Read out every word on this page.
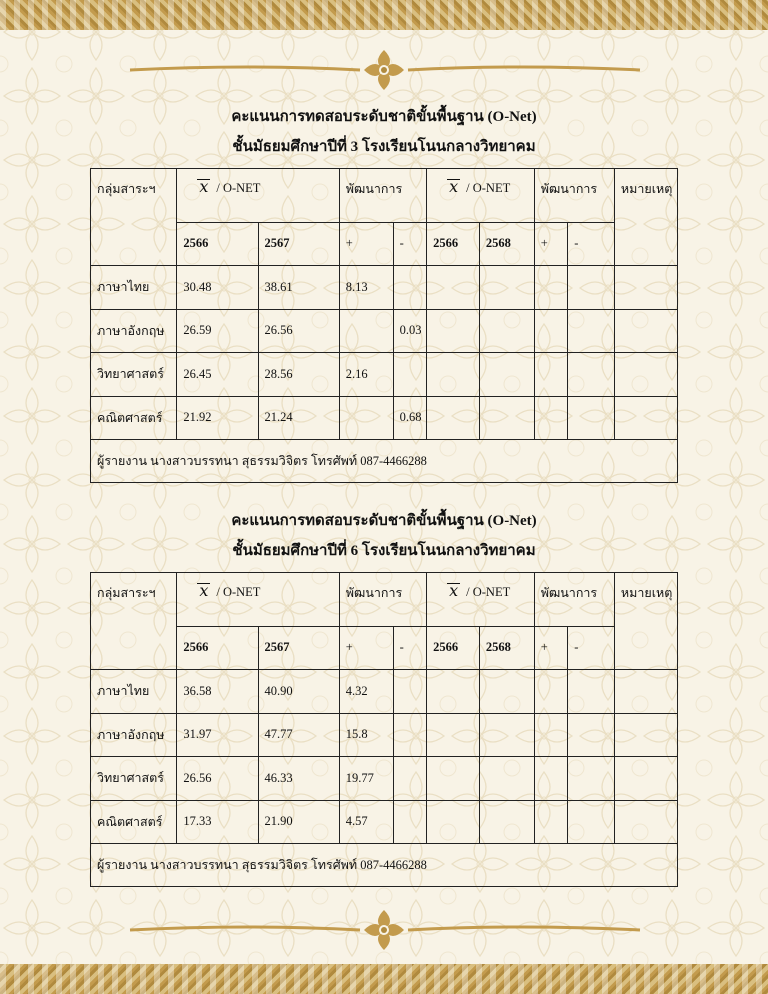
คะแนนการทดสอบระดับชาติขั้นพื้นฐาน (O-Net)
ชั้นมัธยมศึกษาปีที่ 3 โรงเรียนโนนกลางวิทยาคม
กลุ่มสาระฯ	x / O-NET		พัฒนาการ		x / O-NET		พัฒนาการ		หมายเหตุ
	2566	2567	+	-	2566	2568	+	-	
ภาษาไทย	30.48	38.61	8.13						
ภาษาอังกฤษ	26.59	26.56		0.03					
วิทยาศาสตร์	26.45	28.56	2.16						
คณิตศาสตร์	21.92	21.24		0.68					
ผู้รายงาน นางสาวบรรทนา สุธรรมวิจิตร โทรศัพท์ 087-4466288									
คะแนนการทดสอบระดับชาติขั้นพื้นฐาน (O-Net)
ชั้นมัธยมศึกษาปีที่ 6 โรงเรียนโนนกลางวิทยาคม
กลุ่มสาระฯ	x / O-NET		พัฒนาการ		x / O-NET		พัฒนาการ		หมายเหตุ
	2566	2567	+	-	2566	2568	+	-	
ภาษาไทย	36.58	40.90	4.32						
ภาษาอังกฤษ	31.97	47.77	15.8						
วิทยาศาสตร์	26.56	46.33	19.77						
คณิตศาสตร์	17.33	21.90	4.57						
ผู้รายงาน นางสาวบรรทนา สุธรรมวิจิตร โทรศัพท์ 087-4466288									
